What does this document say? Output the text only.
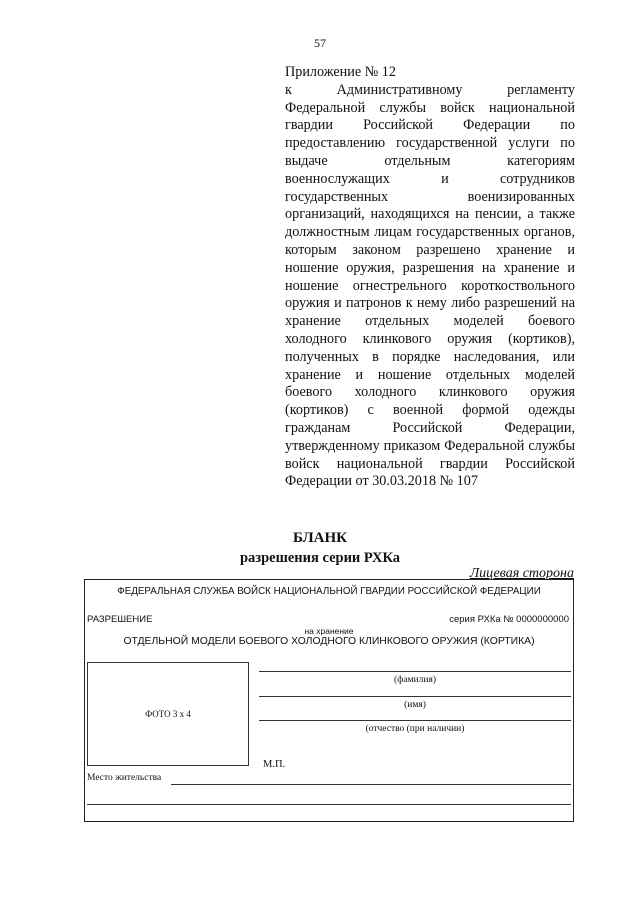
57
Приложение № 12
к Административному регламенту Федеральной службы войск национальной гвардии Российской Федерации по предоставлению государственной услуги по выдаче отдельным категориям военнослужащих и сотрудников государственных военизированных организаций, находящихся на пенсии, а также должностным лицам государственных органов, которым законом разрешено хранение и ношение оружия, разрешения на хранение и ношение огнестрельного короткоствольного оружия и патронов к нему либо разрешений на хранение отдельных моделей боевого холодного клинкового оружия (кортиков), полученных в порядке наследования, или хранение и ношение отдельных моделей боевого холодного клинкового оружия (кортиков) с военной формой одежды гражданам Российской Федерации, утвержденному приказом Федеральной службы войск национальной гвардии Российской Федерации от 30.03.2018 № 107
БЛАНК
разрешения серии РХКа
Лицевая сторона
ФЕДЕРАЛЬНАЯ СЛУЖБА ВОЙСК НАЦИОНАЛЬНОЙ ГВАРДИИ РОССИЙСКОЙ ФЕДЕРАЦИИ
РАЗРЕШЕНИЕ	серия РХКа № 0000000000
на хранение
ОТДЕЛЬНОЙ МОДЕЛИ БОЕВОГО ХОЛОДНОГО КЛИНКОВОГО ОРУЖИЯ (КОРТИКА)
ФОТО 3 х 4
(фамилия)
(имя)
(отчество (при наличии)
М.П.
Место жительства
